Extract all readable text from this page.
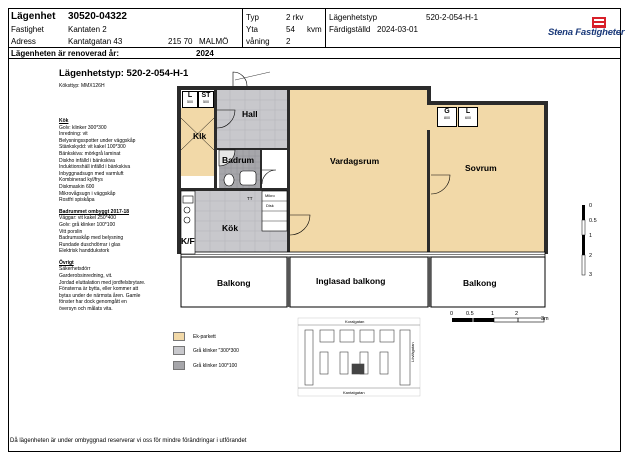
Lägenhet 30520-04322
Fastighet	Kantaten 2
Adress	Kantatgatan 43	215 70 MALMÖ
Typ	2 rkv
Yta	54 kvm
våning 2
Lägenhetstyp	520-2-054-H-1
Färdigställd 2024-03-01
Lägenheten är renoverad år:	2024
Stena Fastigheter
Lägenhetstyp: 520-2-054-H-1
Köksttyp: MMX126H
Kök
Golv: klinker 300*300
Inredning: vit
Belysningsspotter under väggskåp
Stänkskydd: vit kakel 100*300
Bänkskiva: mörkgrå laminat
Diskho infälld i bänkskiva
Induktionshäll infälld i bänkskiva
Inbyggnadsugn med varmluft
Kombinerad kyl/frys
Diskmaskin 600
Mikrovågsugn i väggskåp
Rostfri spiskåpa
Badrummet ombyggt 2017-18
Väggar: vit kakel 250*400
Golv: grå klinker 100*100
Vitt porslin
Badrumsskåp med belysning
Rundade duschdörrar i glas
Elektrisk handdukstork
Övrigt
Säkerhetsdörr
Garderobsinredning, vit.
Jordad eluttalation med jordfelsbrytare.
Fönsterna är bytta, eller kommer att
bytas under de närmsta åren. Gamle
fönster har dock genomgått en
översyn och målats vita.
Hall
Klk
Badrum	Vardagsrum
Sovrum
Kök
K/F
Balkong	Inglasad balkong	Balkong
L
500
ST
500
G
800
L
600
TT
Mikro
Disk
Ek-parkett
Grå klinker "300*300
Grå klinker 100*100
0 0.5	1	2
3m
0
0.5
1
2
3
Koralgatan
Kantatgatan
Lövlägatan
Då lägenheten är under ombyggnad reserverar vi oss för mindre förändringar i utförandet
